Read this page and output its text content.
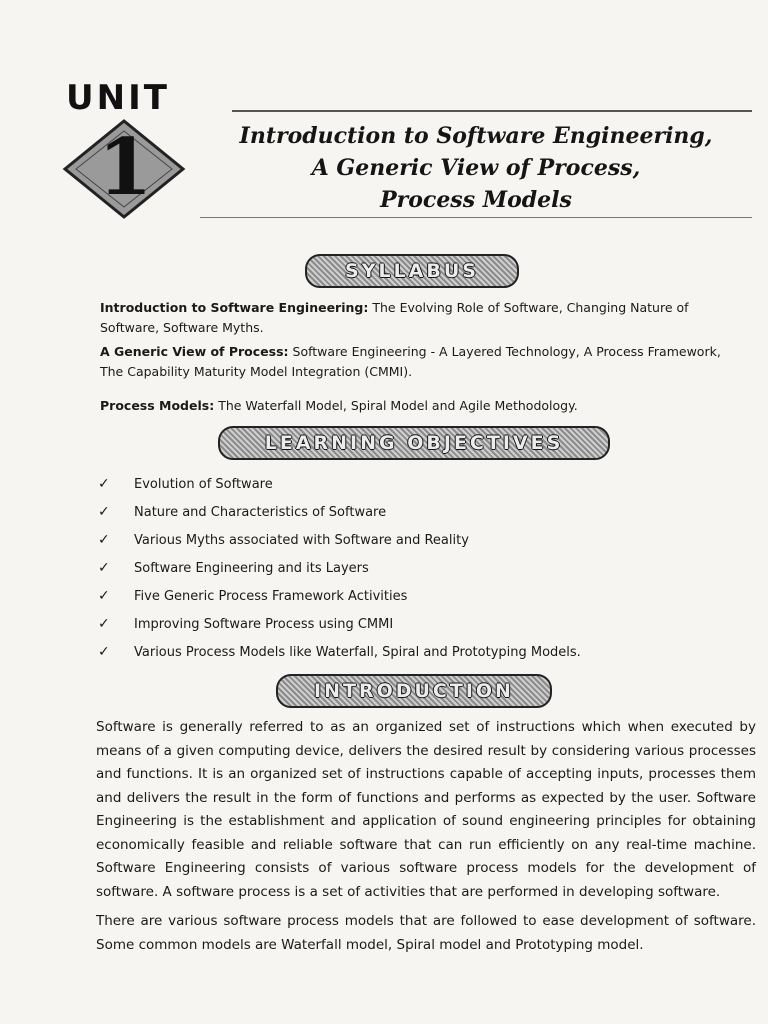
UNIT
1	Introduction to Software Engineering,
A Generic View of Process,
Process Models
SYLLABUS
Introduction to Software Engineering: The Evolving Role of Software, Changing Nature of Software, Software Myths.
A Generic View of Process: Software Engineering - A Layered Technology, A Process Framework, The Capability Maturity Model Integration (CMMI).
Process Models: The Waterfall Model, Spiral Model and Agile Methodology.
LEARNING OBJECTIVES
✓	Evolution of Software
✓	Nature and Characteristics of Software
✓	Various Myths associated with Software and Reality
✓	Software Engineering and its Layers
✓	Five Generic Process Framework Activities
✓	Improving Software Process using CMMI
✓	Various Process Models like Waterfall, Spiral and Prototyping Models.
INTRODUCTION

Software is generally referred to as an organized set of instructions which when executed by means of a given computing device, delivers the desired result by considering various processes and functions. It is an organized set of instructions capable of accepting inputs, processes them and delivers the result in the form of functions and performs as expected by the user. Software Engineering is the establishment and application of sound engineering principles for obtaining economically feasible and reliable software that can run efficiently on any real-time machine. Software Engineering consists of various software process models for the development of software. A software process is a set of activities that are performed in developing software.

There are various software process models that are followed to ease development of software. Some common models are Waterfall model, Spiral model and Prototyping model.
